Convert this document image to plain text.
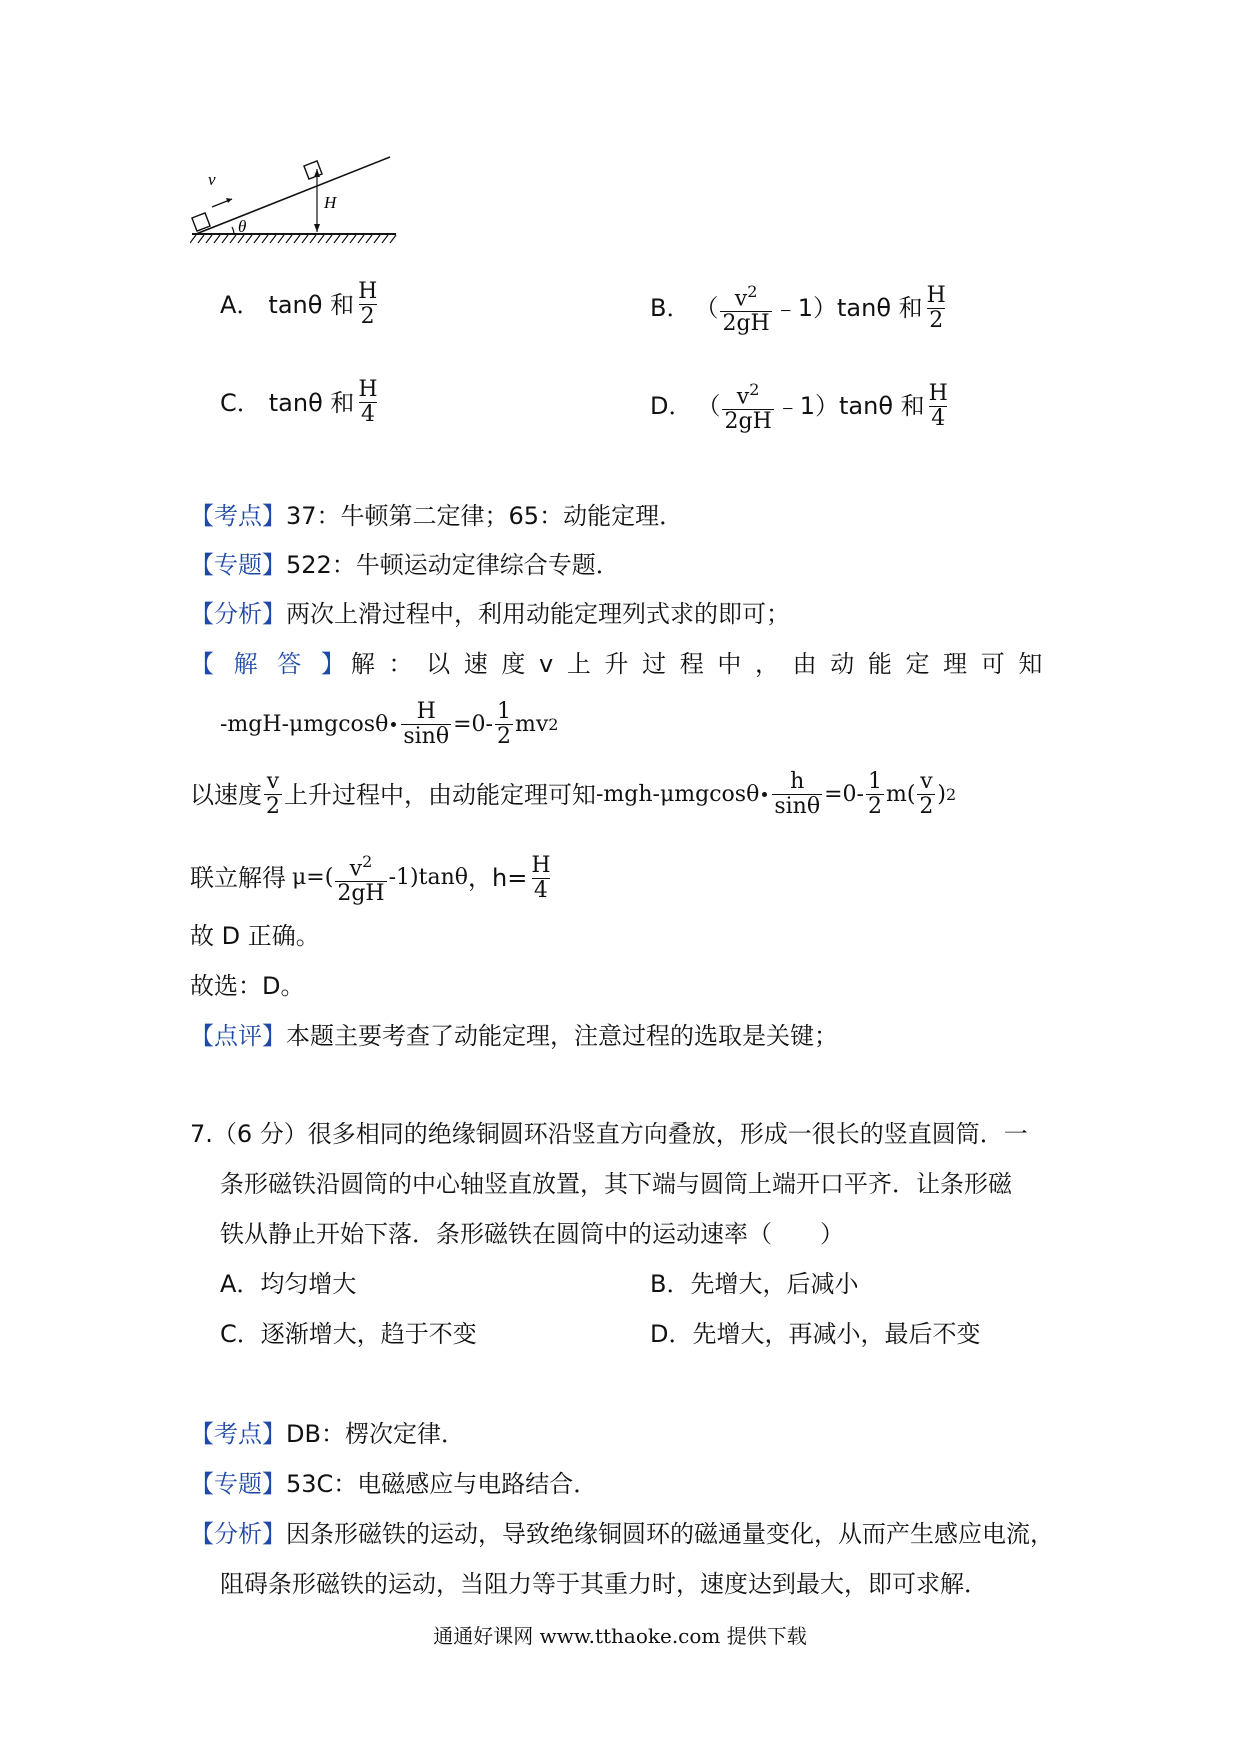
v
θ
H
A． tanθ 和 $\frac{H}{2}$	B． （ $\frac{v^2}{2gH}$ ﹣1）tanθ 和 $\frac{H}{2}$
C． tanθ 和 $\frac{H}{4}$	D． （ $\frac{v^2}{2gH}$ ﹣1）tanθ 和 $\frac{H}{4}$
【考点】37：牛顿第二定律；65：动能定理．
【专题】522：牛顿运动定律综合专题．
【分析】两次上滑过程中，利用动能定理列式求的即可；
【 解 答 】解 ： 以 速 度 v 上 升 过 程 中 ， 由 动 能 定 理 可 知
$-mgH-\mu mgcos\theta \frac{H}{\sin\theta} =0- \frac{1}{2}$ mv 2
以速度 $\frac{v}{2}$ 上升过程中，由动能定理可知 $-mgh-\mu mgcos\theta \frac{h}{\sin\theta} =0- \frac{1}{2} m( \frac{v}{2}$ ) 2
联立解得 $\mu=( \frac{v^2}{2gH} -1)\tan\theta$ ，$h= \frac{H}{4}$
故 D 正确。
故选：D。
【点评】本题主要考查了动能定理，注意过程的选取是关键；
7.（6 分）很多相同的绝缘铜圆环沿竖直方向叠放，形成一很长的竖直圆筒．一
条形磁铁沿圆筒的中心轴竖直放置，其下端与圆筒上端开口平齐．让条形磁
铁从静止开始下落．条形磁铁在圆筒中的运动速率（　　）
A．均匀增大	B．先增大，后减小
C．逐渐增大，趋于不变	D．先增大，再减小，最后不变
【考点】DB：楞次定律．
【专题】53C：电磁感应与电路结合．
【分析】因条形磁铁的运动，导致绝缘铜圆环的磁通量变化，从而产生感应电流，
阻碍条形磁铁的运动，当阻力等于其重力时，速度达到最大，即可求解．
通通好课网 www.tthaoke.com 提供下载
